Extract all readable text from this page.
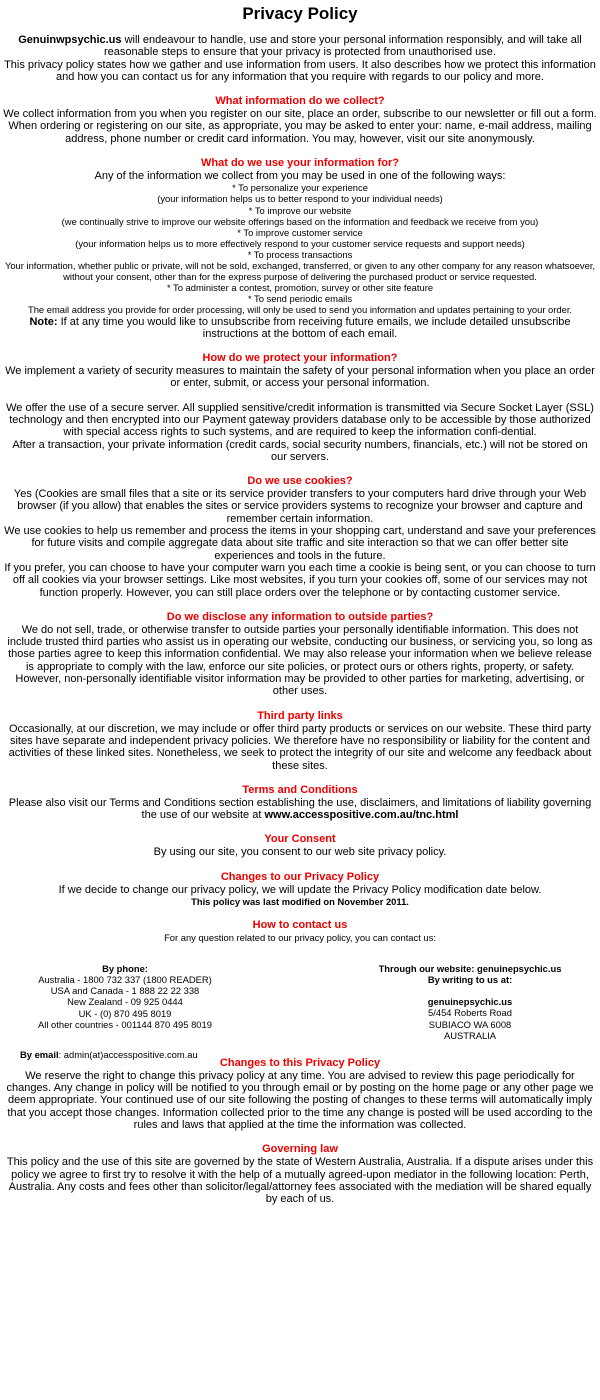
Privacy Policy

Genuinwpsychic.us will endeavour to handle, use and store your personal information responsibly, and will take all reasonable steps to ensure that your privacy is protected from unauthorised use.

This privacy policy states how we gather and use information from users. It also describes how we protect this information and how you can contact us for any information that you require with regards to our policy and more.

What information do we collect?

We collect information from you when you register on our site, place an order, subscribe to our newsletter or fill out a form.

When ordering or registering on our site, as appropriate, you may be asked to enter your: name, e-mail address, mailing address, phone number or credit card information. You may, however, visit our site anonymously.

What do we use your information for?

Any of the information we collect from you may be used in one of the following ways:

* To personalize your experience

(your information helps us to better respond to your individual needs)

* To improve our website

(we continually strive to improve our website offerings based on the information and feedback we receive from you)

* To improve customer service

(your information helps us to more effectively respond to your customer service requests and support needs)

* To process transactions

Your information, whether public or private, will not be sold, exchanged, transferred, or given to any other company for any reason whatsoever, without your consent, other than for the express purpose of delivering the purchased product or service requested.

* To administer a contest, promotion, survey or other site feature

* To send periodic emails

The email address you provide for order processing, will only be used to send you information and updates pertaining to your order.

Note: If at any time you would like to unsubscribe from receiving future emails, we include detailed unsubscribe instructions at the bottom of each email.

How do we protect your information?

We implement a variety of security measures to maintain the safety of your personal information when you place an order or enter, submit, or access your personal information.

We offer the use of a secure server. All supplied sensitive/credit information is transmitted via Secure Socket Layer (SSL) technology and then encrypted into our Payment gateway providers database only to be accessible by those authorized with special access rights to such systems, and are required to keep the information confi-dential.

After a transaction, your private information (credit cards, social security numbers, financials, etc.) will not be stored on our servers.

Do we use cookies?

Yes (Cookies are small files that a site or its service provider transfers to your computers hard drive through your Web browser (if you allow) that enables the sites or service providers systems to recognize your browser and capture and remember certain information.

We use cookies to help us remember and process the items in your shopping cart, understand and save your preferences for future visits and compile aggregate data about site traffic and site interaction so that we can offer better site experiences and tools in the future.

If you prefer, you can choose to have your computer warn you each time a cookie is being sent, or you can choose to turn off all cookies via your browser settings. Like most websites, if you turn your cookies off, some of our services may not function properly. However, you can still place orders over the telephone or by contacting customer service.

Do we disclose any information to outside parties?

We do not sell, trade, or otherwise transfer to outside parties your personally identifiable information. This does not include trusted third parties who assist us in operating our website, conducting our business, or servicing you, so long as those parties agree to keep this information confidential. We may also release your information when we believe release is appropriate to comply with the law, enforce our site policies, or protect ours or others rights, property, or safety. However, non-personally identifiable visitor information may be provided to other parties for marketing, advertising, or other uses.

Third party links

Occasionally, at our discretion, we may include or offer third party products or services on our website. These third party sites have separate and independent privacy policies. We therefore have no responsibility or liability for the content and activities of these linked sites. Nonetheless, we seek to protect the integrity of our site and welcome any feedback about these sites.

Terms and Conditions

Please also visit our Terms and Conditions section establishing the use, disclaimers, and limitations of liability governing the use of our website at www.accesspositive.com.au/tnc.html

Your Consent

By using our site, you consent to our web site privacy policy.

Changes to our Privacy Policy

If we decide to change our privacy policy, we will update the Privacy Policy modification date below.

This policy was last modified on November 2011.

How to contact us

For any question related to our privacy policy, you can contact us:

By phone:
Australia - 1800 732 337 (1800 READER)
USA and Canada - 1 888 22 22 338
New Zealand - 09 925 0444
UK - (0) 870 495 8019
All other countries - 001144 870 495 8019
Through our website: genuinepsychic.us
By writing to us at:
genuinepsychic.us
5/454 Roberts Road
SUBIACO WA 6008
AUSTRALIA
By email: admin(at)accesspositive.com.au

Changes to this Privacy Policy

We reserve the right to change this privacy policy at any time. You are advised to review this page periodically for changes. Any change in policy will be notified to you through email or by posting on the home page or any other page we deem appropriate. Your continued use of our site following the posting of changes to these terms will automatically imply that you accept those changes. Information collected prior to the time any change is posted will be used according to the rules and laws that applied at the time the information was collected.

Governing law

This policy and the use of this site are governed by the state of Western Australia, Australia. If a dispute arises under this policy we agree to first try to resolve it with the help of a mutually agreed-upon mediator in the following location: Perth, Australia. Any costs and fees other than solicitor/legal/attorney fees associated with the mediation will be shared equally by each of us.
